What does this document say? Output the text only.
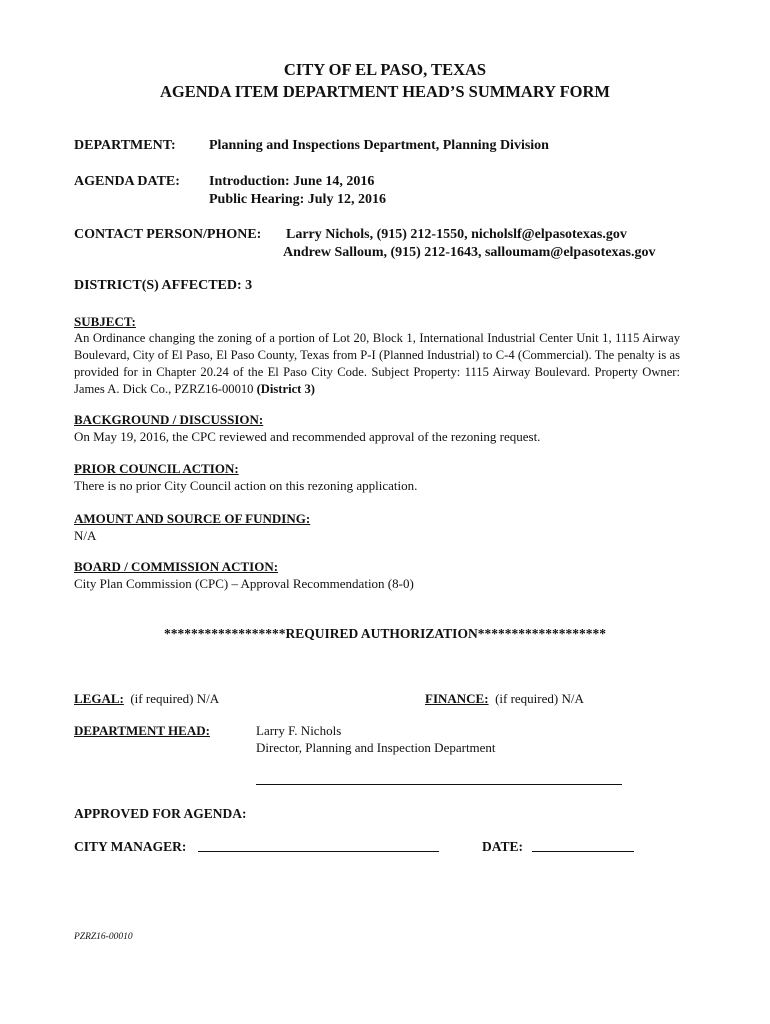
CITY OF EL PASO, TEXAS
AGENDA ITEM DEPARTMENT HEAD’S SUMMARY FORM
DEPARTMENT: Planning and Inspections Department, Planning Division
AGENDA DATE: Introduction: June 14, 2016
Public Hearing: July 12, 2016
CONTACT PERSON/PHONE: Larry Nichols, (915) 212-1550, nicholslf@elpasotexas.gov
Andrew Salloum, (915) 212-1643, salloumam@elpasotexas.gov
DISTRICT(S) AFFECTED: 3
SUBJECT:
An Ordinance changing the zoning of a portion of Lot 20, Block 1, International Industrial Center Unit 1, 1115 Airway Boulevard, City of El Paso, El Paso County, Texas from P-I (Planned Industrial) to C-4 (Commercial). The penalty is as provided for in Chapter 20.24 of the El Paso City Code. Subject Property: 1115 Airway Boulevard. Property Owner: James A. Dick Co., PZRZ16-00010 (District 3)
BACKGROUND / DISCUSSION:
On May 19, 2016, the CPC reviewed and recommended approval of the rezoning request.
PRIOR COUNCIL ACTION:
There is no prior City Council action on this rezoning application.
AMOUNT AND SOURCE OF FUNDING:
N/A
BOARD / COMMISSION ACTION:
City Plan Commission (CPC) – Approval Recommendation (8-0)
******************REQUIRED AUTHORIZATION*******************
LEGAL: (if required) N/A	FINANCE: (if required) N/A
DEPARTMENT HEAD:	Larry F. Nichols
Director, Planning and Inspection Department
APPROVED FOR AGENDA:
CITY MANAGER:	DATE:
PZRZ16-00010
